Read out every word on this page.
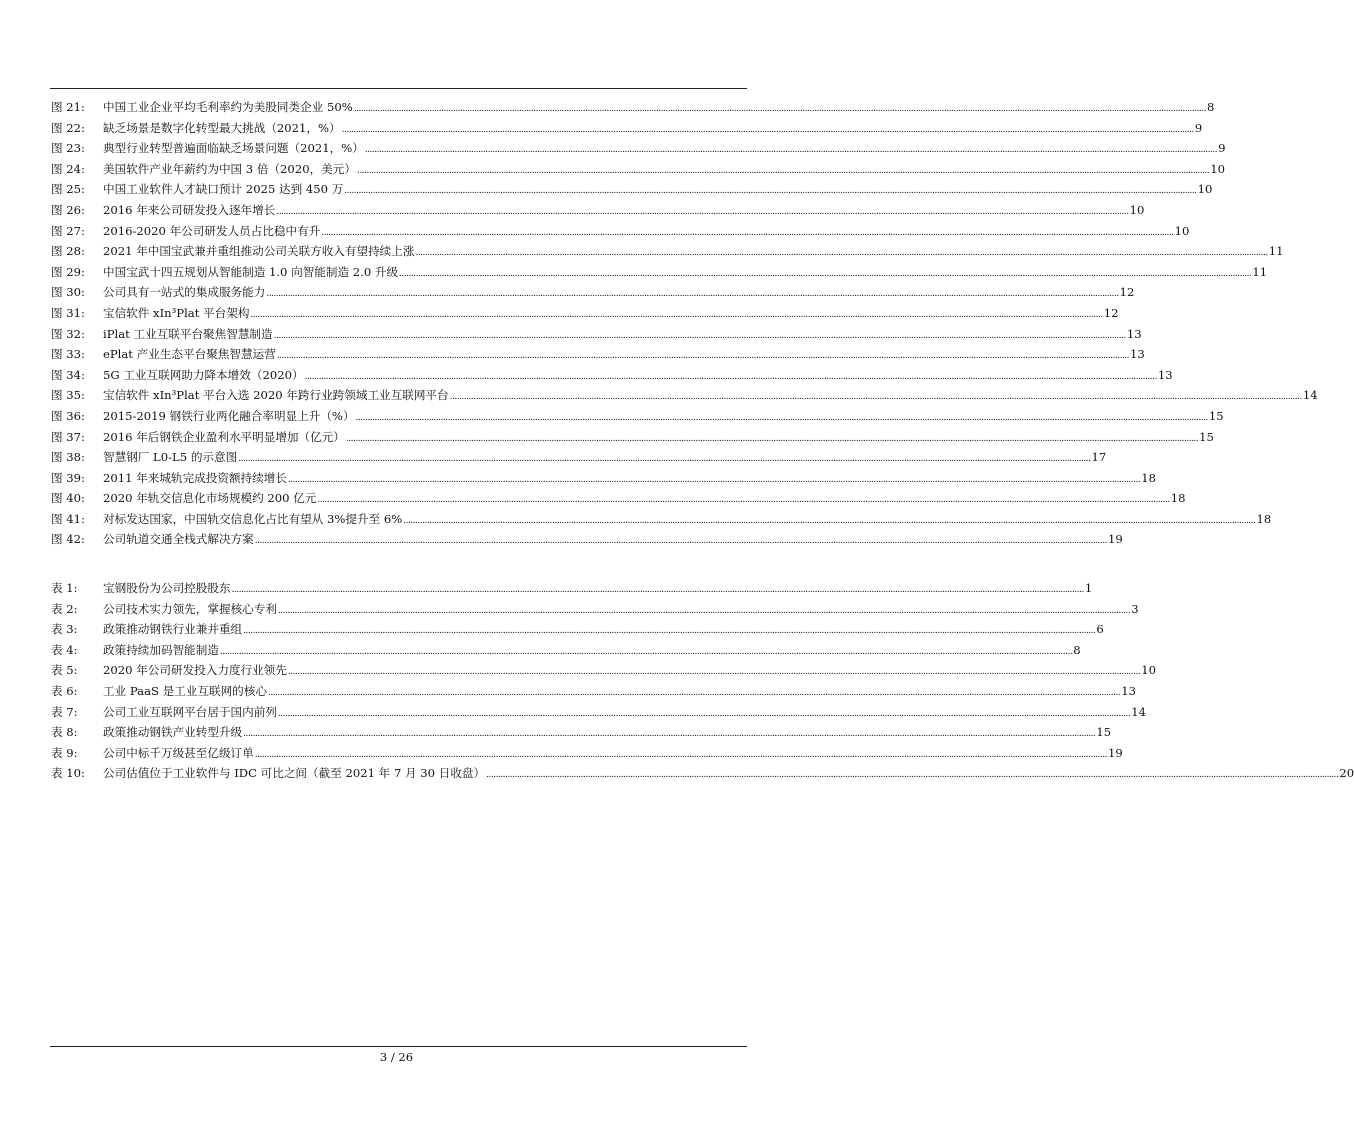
图 21:	中国工业企业平均毛利率约为美股同类企业 50% .....	8
图 22:	缺乏场景是数字化转型最大挑战（2021，%） .....	9
图 23:	典型行业转型普遍面临缺乏场景问题（2021，%） .....	9
图 24:	美国软件产业年薪约为中国 3 倍（2020，美元） .....	10
图 25:	中国工业软件人才缺口预计 2025 达到 450 万 .....	10
图 26:	2016 年来公司研发投入逐年增长 .....	10
图 27:	2016-2020 年公司研发人员占比稳中有升 .....	10
图 28:	2021 年中国宝武兼并重组推动公司关联方收入有望持续上涨 .....	11
图 29:	中国宝武十四五规划从智能制造 1.0 向智能制造 2.0 升级 .....	11
图 30:	公司具有一站式的集成服务能力 .....	12
图 31:	宝信软件 xIn³Plat 平台架构 .....	12
图 32:	iPlat 工业互联平台聚焦智慧制造 .....	13
图 33:	ePlat 产业生态平台聚焦智慧运营 .....	13
图 34:	5G 工业互联网助力降本增效（2020） .....	13
图 35:	宝信软件 xIn³Plat 平台入选 2020 年跨行业跨领域工业互联网平台 .....	14
图 36:	2015-2019 钢铁行业两化融合率明显上升（%） .....	15
图 37:	2016 年后钢铁企业盈利水平明显增加（亿元） .....	15
图 38:	智慧钢厂 L0-L5 的示意图 .....	17
图 39:	2011 年来城轨完成投资额持续增长 .....	18
图 40:	2020 年轨交信息化市场规模约 200 亿元 .....	18
图 41:	对标发达国家，中国轨交信息化占比有望从 3%提升至 6% .....	18
图 42:	公司轨道交通全栈式解决方案 .....	19
表 1:	宝钢股份为公司控股股东 .....	1
表 2:	公司技术实力领先，掌握核心专利 .....	3
表 3:	政策推动钢铁行业兼并重组 .....	6
表 4:	政策持续加码智能制造 .....	8
表 5:	2020 年公司研发投入力度行业领先 .....	10
表 6:	工业 PaaS 是工业互联网的核心 .....	13
表 7:	公司工业互联网平台居于国内前列 .....	14
表 8:	政策推动钢铁产业转型升级 .....	15
表 9:	公司中标千万级甚至亿级订单 .....	19
表 10:	公司估值位于工业软件与 IDC 可比之间（截至 2021 年 7 月 30 日收盘） .....	20
3 / 26
